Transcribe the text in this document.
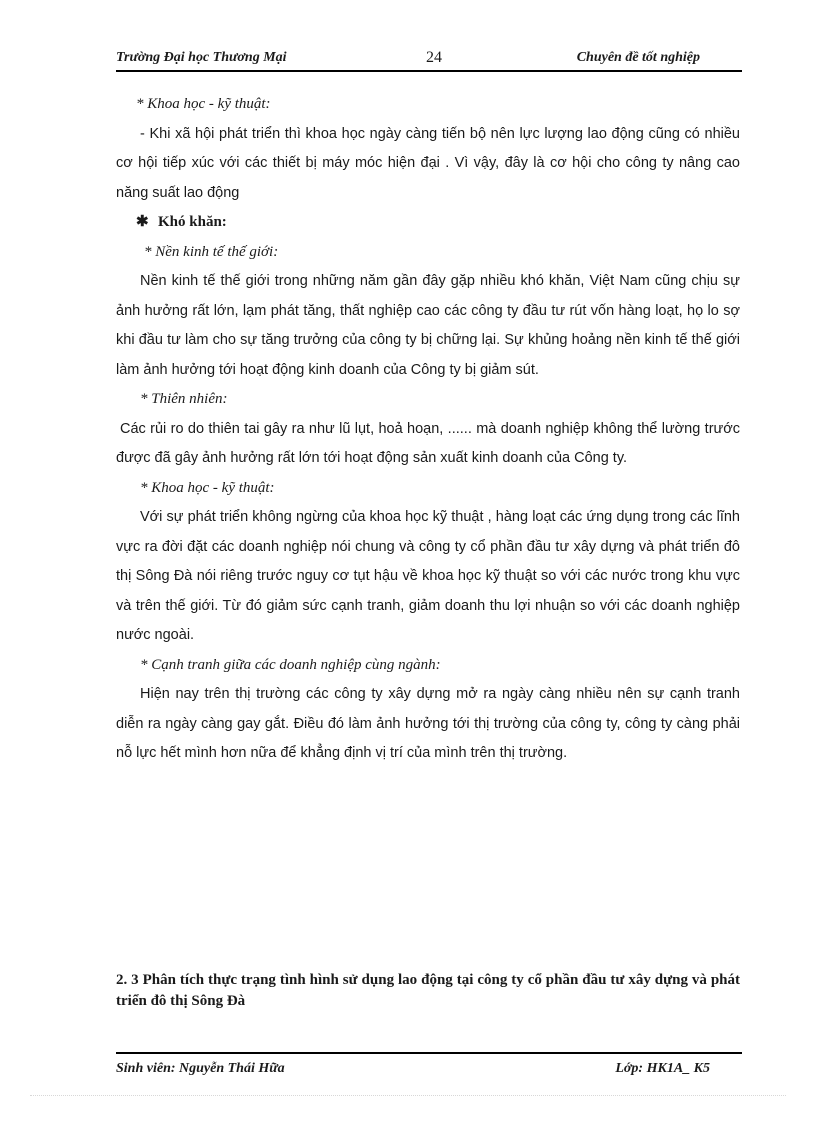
Trường Đại học Thương Mại	24	Chuyên đề tốt nghiệp

* Khoa học - kỹ thuật:

- Khi xã hội phát triển thì khoa học ngày càng tiến bộ nên lực lượng lao động cũng có nhiều cơ hội tiếp xúc với các thiết bị máy móc hiện đại . Vì vậy, đây là cơ hội cho công ty nâng cao năng suất lao động

✱ Khó khăn:

* Nền kinh tế thế giới:

Nền kinh tế thế giới trong những năm gần đây gặp nhiều khó khăn, Việt Nam cũng chịu sự ảnh hưởng rất lớn, lạm phát tăng, thất nghiệp cao các công ty đầu tư rút vốn hàng loạt, họ lo sợ khi đầu tư làm cho sự tăng trưởng của công ty bị chững lại. Sự khủng hoảng nền kinh tế thế giới làm ảnh hưởng tới hoạt động kinh doanh của Công ty bị giảm sút.

* Thiên nhiên:

Các rủi ro do thiên tai gây ra như lũ lụt, hoả hoạn, ...... mà doanh nghiệp không thể lường trước được đã gây ảnh hưởng rất lớn tới hoạt động sản xuất kinh doanh của Công ty.

* Khoa học - kỹ thuật:

Với sự phát triển không ngừng của khoa học kỹ thuật , hàng loạt các ứng dụng trong các lĩnh vực ra đời đặt các doanh nghiệp nói chung và công ty cổ phần đầu tư xây dựng và phát triển đô thị Sông Đà nói riêng trước nguy cơ tụt hậu về khoa học kỹ thuật so với các nước trong khu vực và trên thế giới. Từ đó giảm sức cạnh tranh, giảm doanh thu lợi nhuận so với các doanh nghiệp nước ngoài.

* Cạnh tranh giữa các doanh nghiệp cùng ngành:

Hiện nay trên thị trường các công ty xây dựng mở ra ngày càng nhiều nên sự cạnh tranh diễn ra ngày càng gay gắt. Điều đó làm ảnh hưởng tới thị trường của công ty, công ty càng phải nỗ lực hết mình hơn nữa để khẳng định vị trí của mình trên thị trường.

2. 3 Phân tích thực trạng tình hình sử dụng lao động tại công ty cổ phần đầu tư xây dựng và phát triển đô thị Sông Đà
Sinh viên: Nguyễn Thái Hữa	Lớp: HK1A_ K5
